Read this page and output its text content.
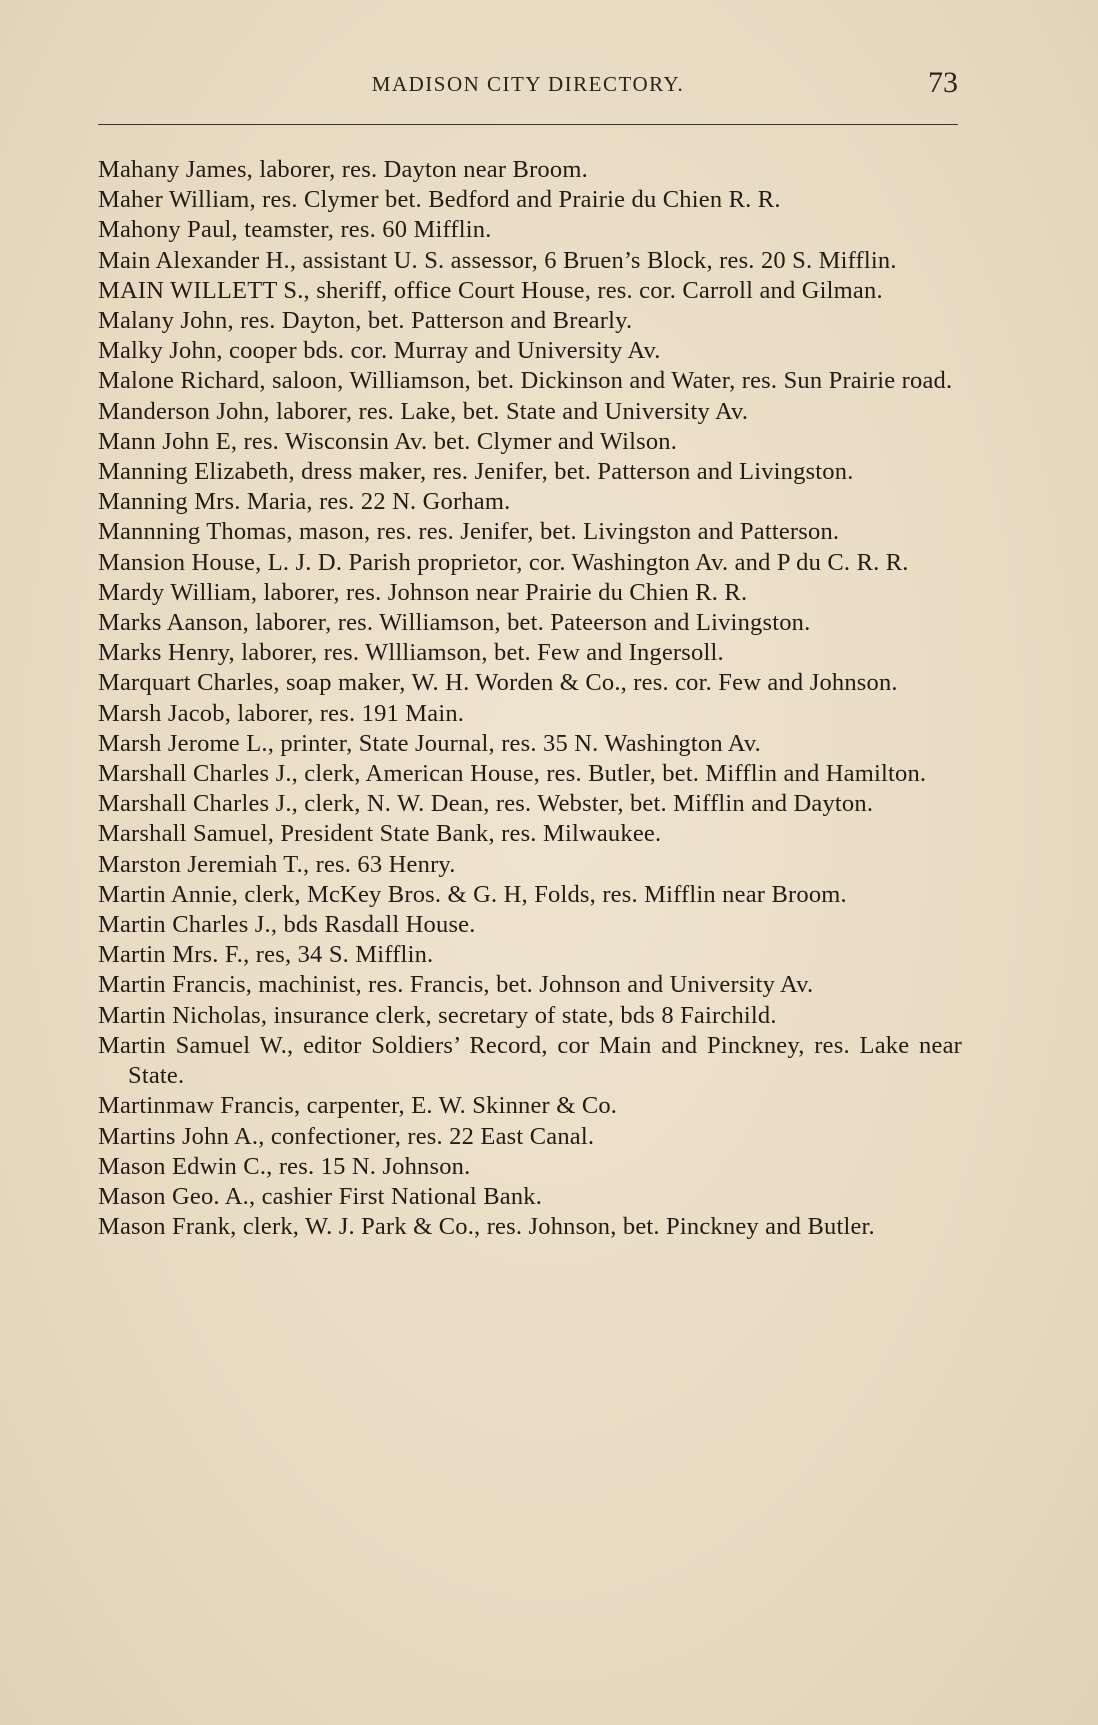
MADISON CITY DIRECTORY.	73
Mahany James, laborer, res. Dayton near Broom.
Maher William, res. Clymer bet. Bedford and Prairie du Chien R. R.
Mahony Paul, teamster, res. 60 Mifflin.
Main Alexander H., assistant U. S. assessor, 6 Bruen’s Block, res. 20 S. Mifflin.
MAIN WILLETT S., sheriff, office Court House, res. cor. Carroll and Gilman.
Malany John, res. Dayton, bet. Patterson and Brearly.
Malky John, cooper bds. cor. Murray and University Av.
Malone Richard, saloon, Williamson, bet. Dickinson and Water, res. Sun Prairie road.
Manderson John, laborer, res. Lake, bet. State and University Av.
Mann John E, res. Wisconsin Av. bet. Clymer and Wilson.
Manning Elizabeth, dress maker, res. Jenifer, bet. Patterson and Livingston.
Manning Mrs. Maria, res. 22 N. Gorham.
Mannning Thomas, mason, res. res. Jenifer, bet. Livingston and Patterson.
Mansion House, L. J. D. Parish proprietor, cor. Washington Av. and P du C. R. R.
Mardy William, laborer, res. Johnson near Prairie du Chien R. R.
Marks Aanson, laborer, res. Williamson, bet. Pateerson and Livingston.
Marks Henry, laborer, res. Wllliamson, bet. Few and Ingersoll.
Marquart Charles, soap maker, W. H. Worden & Co., res. cor. Few and Johnson.
Marsh Jacob, laborer, res. 191 Main.
Marsh Jerome L., printer, State Journal, res. 35 N. Washington Av.
Marshall Charles J., clerk, American House, res. Butler, bet. Mifflin and Hamilton.
Marshall Charles J., clerk, N. W. Dean, res. Webster, bet. Mifflin and Dayton.
Marshall Samuel, President State Bank, res. Milwaukee.
Marston Jeremiah T., res. 63 Henry.
Martin Annie, clerk, McKey Bros. & G. H, Folds, res. Mifflin near Broom.
Martin Charles J., bds Rasdall House.
Martin Mrs. F., res, 34 S. Mifflin.
Martin Francis, machinist, res. Francis, bet. Johnson and University Av.
Martin Nicholas, insurance clerk, secretary of state, bds 8 Fairchild.
Martin Samuel W., editor Soldiers’ Record, cor Main and Pinckney, res. Lake near State.
Martinmaw Francis, carpenter, E. W. Skinner & Co.
Martins John A., confectioner, res. 22 East Canal.
Mason Edwin C., res. 15 N. Johnson.
Mason Geo. A., cashier First National Bank.
Mason Frank, clerk, W. J. Park & Co., res. Johnson, bet. Pinckney and Butler.
